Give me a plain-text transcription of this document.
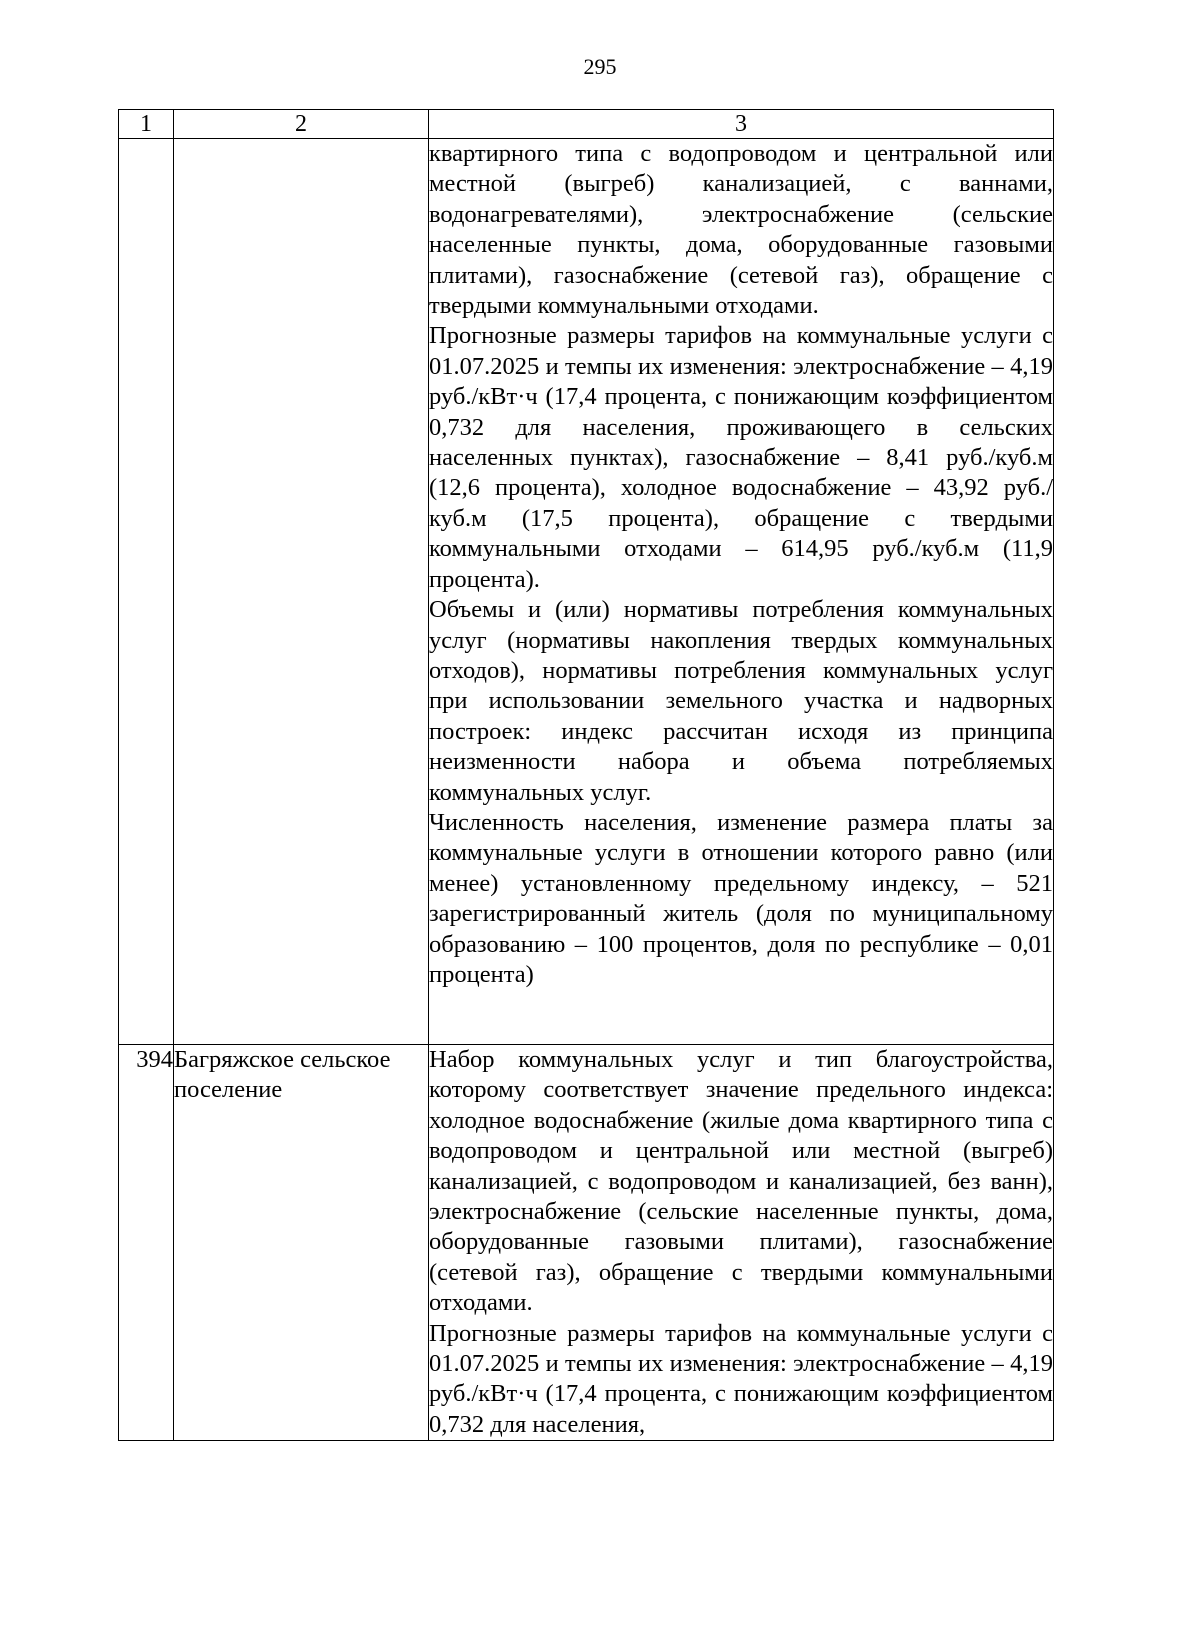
295
1	2	3

		квартирного типа с водопроводом и центральной или местной (выгреб) канализацией, с ваннами, водонагревателями), электроснабжение (сельские населенные пункты, дома, оборудованные газовыми плитами), газоснабжение (сетевой газ), обращение с твердыми коммунальными отходами.

Прогнозные размеры тарифов на коммунальные услуги с 01.07.2025 и темпы их изменения: электроснабжение – 4,19 руб./кВт·ч (17,4 процента, с понижающим коэффициентом 0,732 для населения, проживающего в сельских населенных пунктах), газоснабжение – 8,41 руб./куб.м (12,6 процента), холодное водоснабжение – 43,92 руб./куб.м (17,5 процента), обращение с твердыми коммунальными отходами – 614,95 руб./куб.м (11,9 процента).

Объемы и (или) нормативы потребления коммунальных услуг (нормативы накопления твердых коммунальных отходов), нормативы потребления коммунальных услуг при использовании земельного участка и надворных построек: индекс рассчитан исходя из принципа неизменности набора и объема потребляемых коммунальных услуг.

Численность населения, изменение размера платы за коммунальные услуги в отношении которого равно (или менее) установленному предельному индексу, – 521 зарегистрированный житель (доля по муниципальному образованию – 100 процентов, доля по республике – 0,01 процента)

394	Багряжское сельское поселение	Набор коммунальных услуг и тип благоустройства, которому соответствует значение предельного индекса: холодное водоснабжение (жилые дома квартирного типа с водопроводом и центральной или местной (выгреб) канализацией, с водопроводом и канализацией, без ванн), электроснабжение (сельские населенные пункты, дома, оборудованные газовыми плитами), газоснабжение (сетевой газ), обращение с твердыми коммунальными отходами.

Прогнозные размеры тарифов на коммунальные услуги с 01.07.2025 и темпы их изменения: электроснабжение – 4,19 руб./кВт·ч (17,4 процента, с понижающим коэффициентом 0,732 для населения,
